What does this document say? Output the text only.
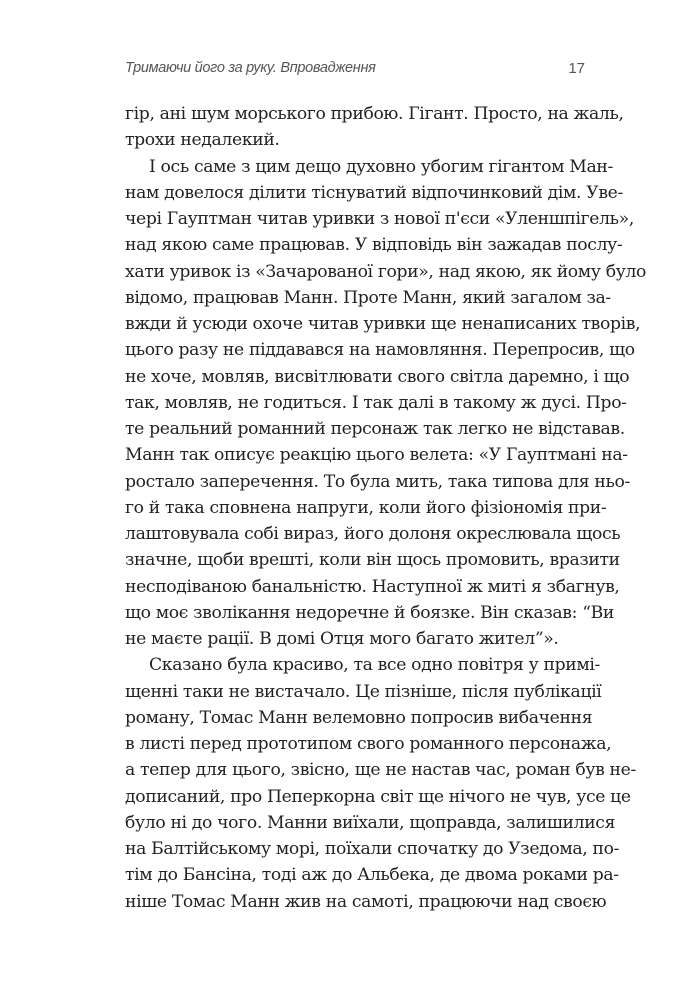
Тримаючи його за руку. Впровадження	17
гір, ані шум морського прибою. Гігант. Просто, на жаль,
трохи недалекий.
І ось саме з цим дещо духовно убогим гігантом Ман-
нам довелося ділити тіснуватий відпочинковий дім. Уве-
чері Гауптман читав уривки з нової п'єси «Уленшпігель»,
над якою саме працював. У відповідь він зажадав послу-
хати уривок із «Зачарованої гори», над якою, як йому було
відомо, працював Манн. Проте Манн, який загалом за-
вжди й усюди охоче читав уривки ще ненаписаних творів,
цього разу не піддавався на намовляння. Перепросив, що
не хоче, мовляв, висвітлювати свого світла даремно, і що
так, мовляв, не годиться. І так далі в такому ж дусі. Про-
те реальний романний персонаж так легко не відставав.
Манн так описує реакцію цього велета: «У Гауптмані на-
ростало заперечення. То була мить, така типова для ньо-
го й така сповнена напруги, коли його фізіономія при-
лаштовувала собі вираз, його долоня окреслювала щось
значне, щоби врешті, коли він щось промовить, вразити
несподіваною банальністю. Наступної ж миті я збагнув,
що моє зволікання недоречне й боязке. Він сказав: “Ви
не маєте рації. В домі Отця мого багато жител”».
Сказано була красиво, та все одно повітря у примі-
щенні таки не вистачало. Це пізніше, після публікації
роману, Томас Манн велемовно попросив вибачення
в листі перед прототипом свого романного персонажа,
а тепер для цього, звісно, ще не настав час, роман був не-
дописаний, про Пеперкорна світ ще нічого не чув, усе це
було ні до чого. Манни виїхали, щоправда, залишилися
на Балтійському морі, поїхали спочатку до Узедома, по-
тім до Бансіна, тоді аж до Альбека, де двома роками ра-
ніше Томас Манн жив на самоті, працюючи над своєю
